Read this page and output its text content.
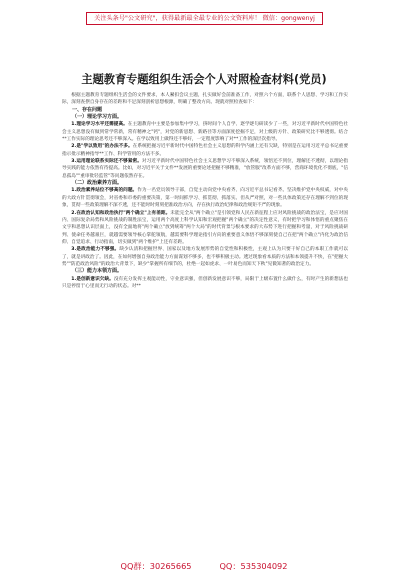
关注头条号"公文研究"，获得最新最全最专业的公文资料库！ 微信：gongwenyj
主题教育专题组织生活会个人对照检查材料(党员)

根据主题教育专题组织生活会的文件要求，本人紧扣会议主题，扎实做好会前准备工作，对照六个方面，联系个人思想、学习和工作实际，深刻查摆自身存在的差距和不足深刻剖析思想根源，明确了整改方向。现就对照检查如下：

一、存在问题

（一）理论学习方面。

1.理论学习水平还需提高。在主题教育中主要是参加集中学习，挤时间个人自学、逐学逐句研读少了一些，对习近平新时代中国特色社会主义思想没有做到常学常新，常有精神之"钙"，对党的新思想、新路径等方面深度挖掘不足，对上级的方针、政策研究比不够透彻。结合**工作实际的理论思考还不够深入。在学以致用上做得还不够好，一定程度影响了对**工作的深层次指导。

2.是"学以致用"的办法不多。在系统把握习近平新时代中国特色社会主义思想的科学内涵上还有欠缺，特别是在运用习近平总书记重要指示批示精神指导**工作、科学管用的方法不多。

3.运用理论联系实际还不够紧密。对习近平新时代中国特色社会主义思想学习不够深入系统，领悟还不到位，理解还不透彻，以理论指导实践的能力依然有待提高。比如，对习近平关于文件**发展的重要论述把握不够精准，"放管服"改革方面不够，营商环境优化不彻底，"信息孤岛""重审批轻监管"等问题依然存在。

（二）政治素养方面。

1.政治素养站位不够高的问题。作为一名党员领导干部，自觉主动向党中央看齐、向习近平总书记看齐。坚决维护党中央权威，对中央的大政方针贯彻领会，对省委和市委的重要决策，第一时间抓学习、抓贯彻、抓落实。但从严对照，对一些具体政策还存在理解不到位的现象，贯彻一些政策理解不深不透，还不能时时刻刻把准政治方向，存在执行政治纪律和政治规矩不严的现象。

2.在政治认知和政治执行"两个确立"上有差距。未能完全从"两个确立"是引领党和人民在新征程上应对风险挑战的政治法宝，是应对国内、国际复杂局势和风险挑战的制胜法宝，运用两个高度上科学认知和宏观把握"两个确立"的决定性意义，有时把学习和体悟的重点聚焦在文字和思想认识层面上，没有全面地将"两个确立"放到统筹"两个大局"的时代背景与根本要求的大布势下进行把握和考量，对于风险挑战研判、使命任务越艰巨，就越需要领导核心掌舵领航，越需要科学理论指引方向的重要意义体悟不够深刻使自己在把"两个确立"内化为政治信仰、自觉追求、行动指南，切实做到"两个维护"上还有差距。

3.是政治能力不够强。缺少认清和把握世界、国家以及地方发展形势的自觉性和积极性，主观上认为只要干好自己的本职工作就可以了，就是讲政治了。因此，在如何增强自身政治能力方面谋划不够多，也不够积极主动。透过现象看本质的方法和本领提升不快，在"把握大势""防范政治风险"的政治大背景下，缺少"掌握所有细节的，杜绝一起如虎求、一叶易色而知天下秋"见微知著的政治定力。

（三）能力本领方面。

1.是创新意识欠缺。没有充分发挥主观能动性，守业意识强，但创新发展意识不够，局限于上级布置什么做什么，有时产生的新想法也只是停留于心里而无行动的状态。对**

QQ群：30265665	QQ：535304092
